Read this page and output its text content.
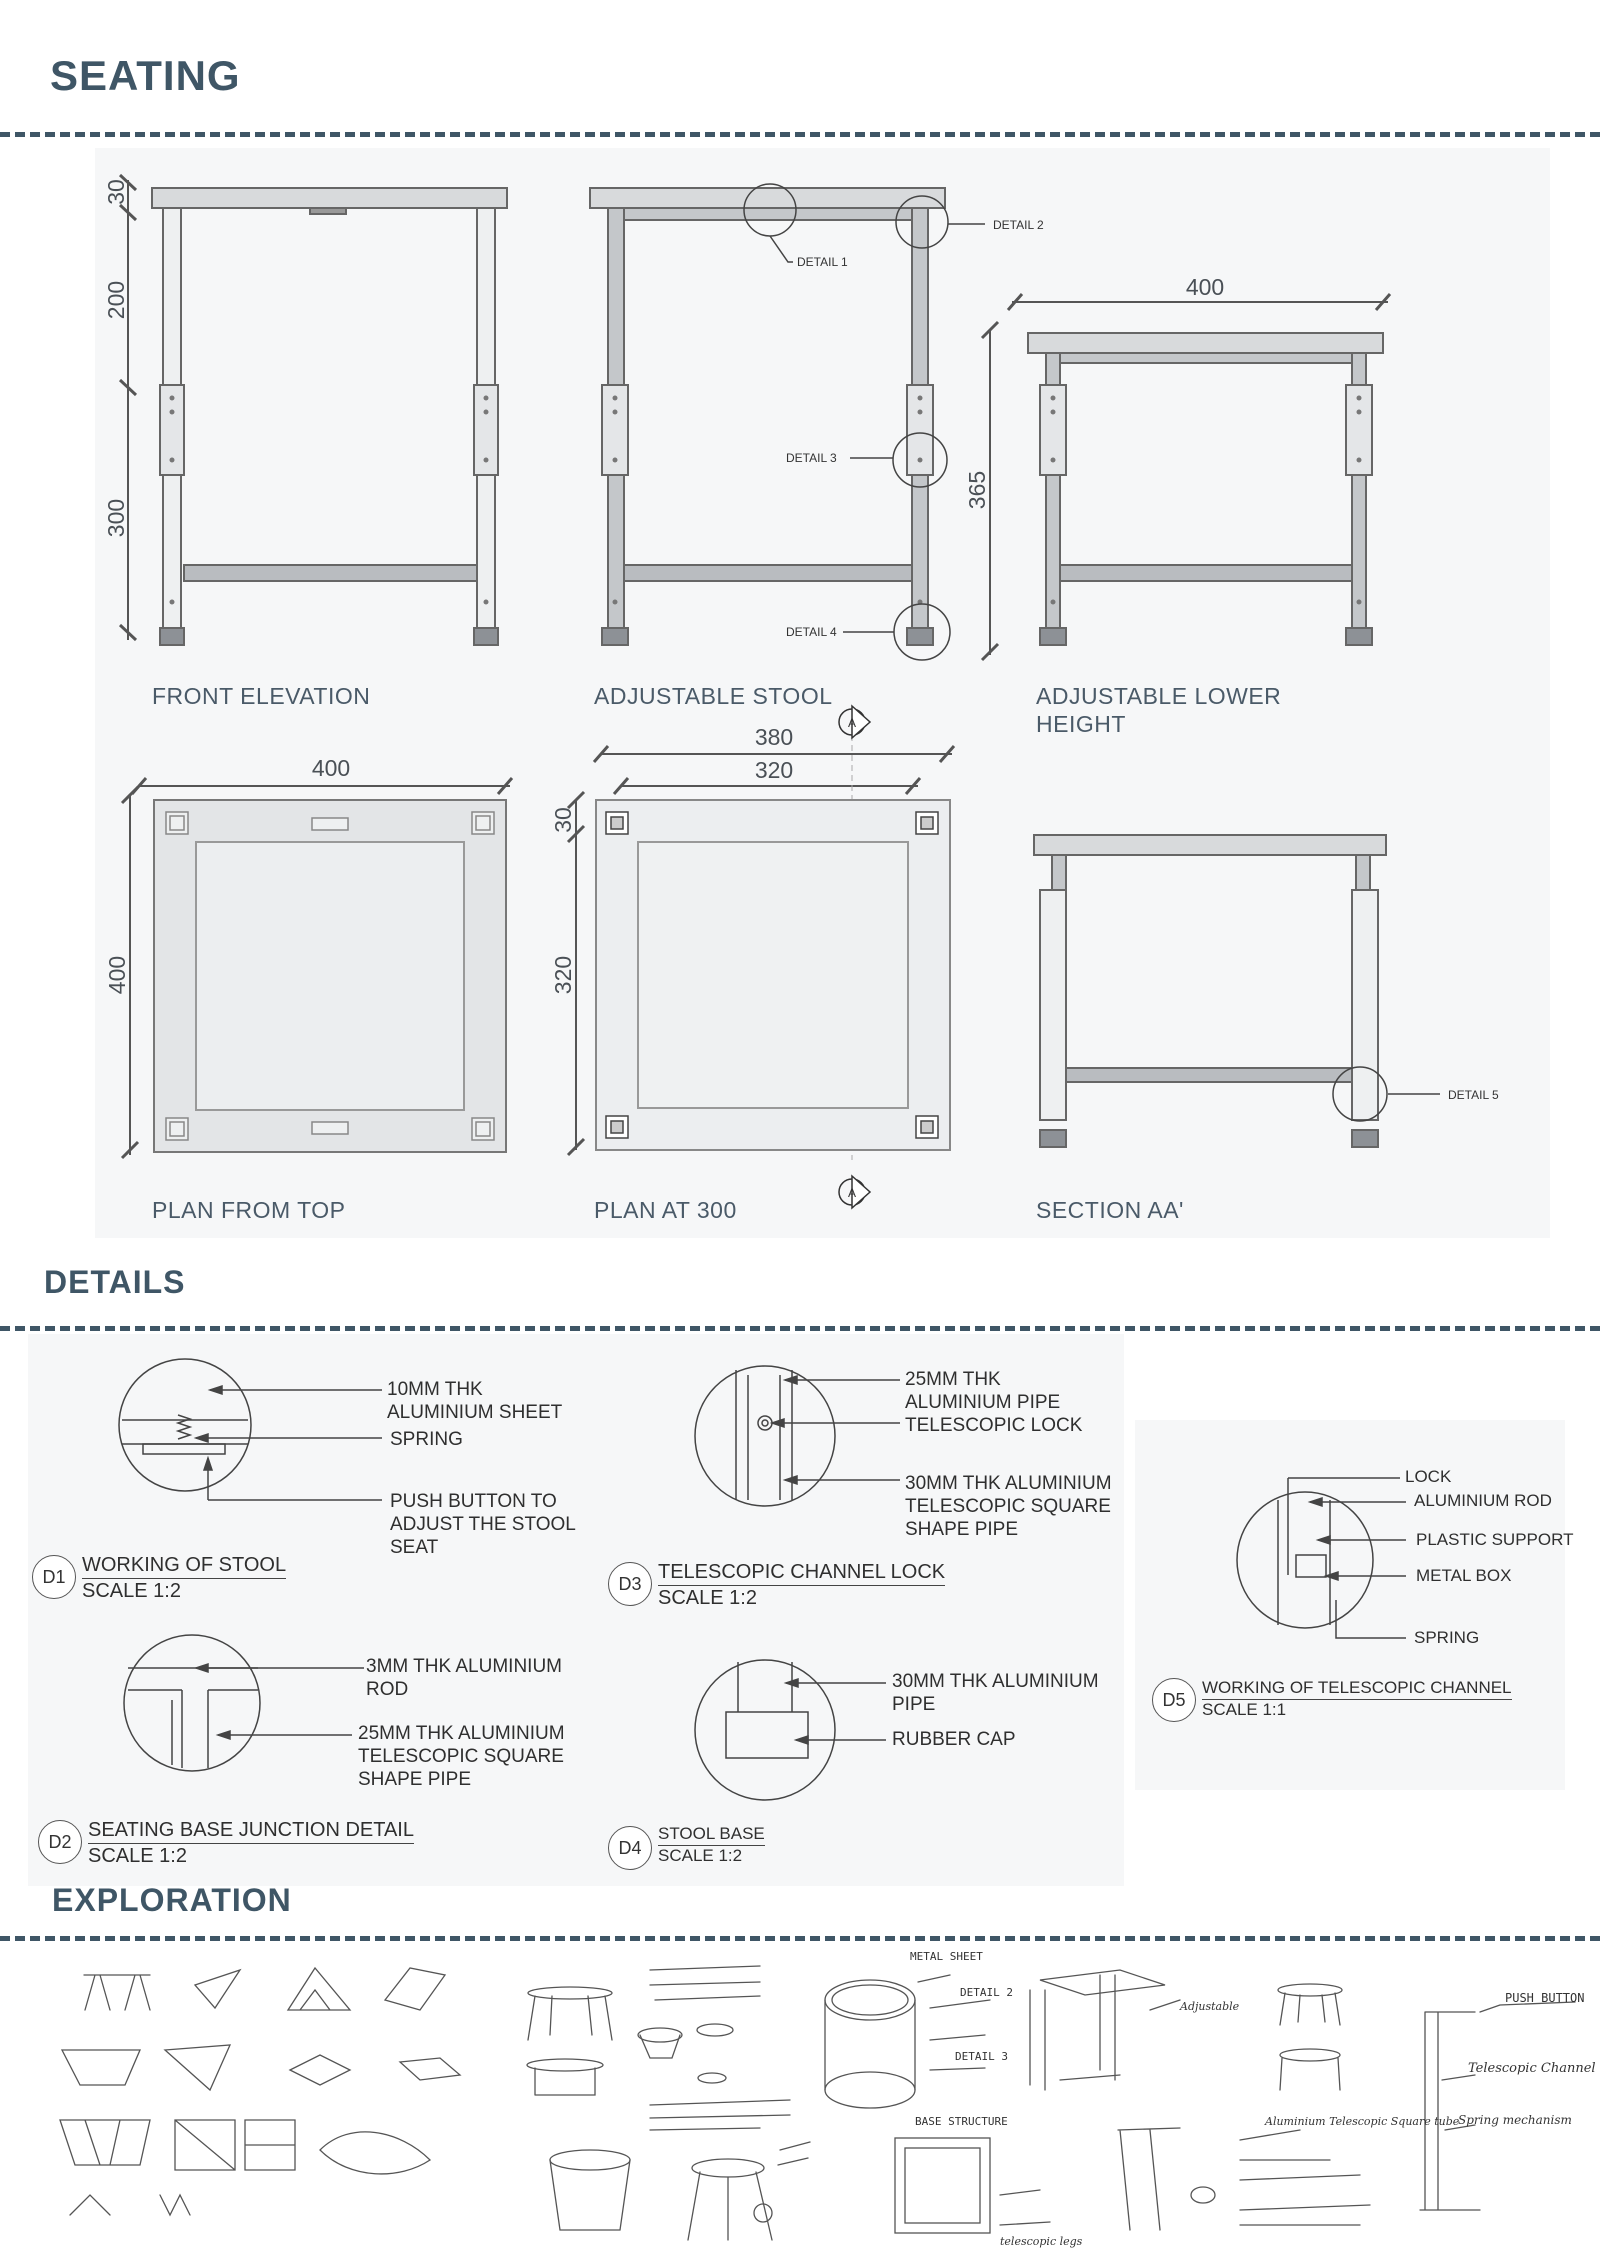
SEATING
30
200
300
FRONT ELEVATION
DETAIL 1
DETAIL 2
DETAIL 3
DETAIL 4
ADJUSTABLE STOOL
400
365
ADJUSTABLE LOWER
HEIGHT
400
400
PLAN FROM TOP
380
320
30
320
A
A
PLAN AT 300
DETAIL 5
SECTION AA'
DETAILS
10MM THK
ALUMINIUM SHEET
SPRING
PUSH BUTTON TO
ADJUST THE STOOL
SEAT
D1
WORKING OF STOOL
SCALE 1:2
3MM THK ALUMINIUM
ROD
25MM THK ALUMINIUM
TELESCOPIC SQUARE
SHAPE PIPE
D2
SEATING BASE JUNCTION DETAIL
SCALE 1:2
25MM THK
ALUMINIUM PIPE
TELESCOPIC LOCK
30MM THK ALUMINIUM
TELESCOPIC SQUARE
SHAPE PIPE
D3
TELESCOPIC CHANNEL LOCK
SCALE 1:2
30MM THK ALUMINIUM
PIPE
RUBBER CAP
D4
STOOL BASE
SCALE 1:2
LOCK
ALUMINIUM ROD
PLASTIC SUPPORT
METAL BOX
SPRING
D5
WORKING OF TELESCOPIC CHANNEL
SCALE 1:1
EXPLORATION
PUSH BUTTON
Telescopic Channel
Spring mechanism
METAL SHEET
DETAIL 2
DETAIL 3
BASE STRUCTURE	Aluminium Telescopic Square tube
telescopic legs
Adjustable
